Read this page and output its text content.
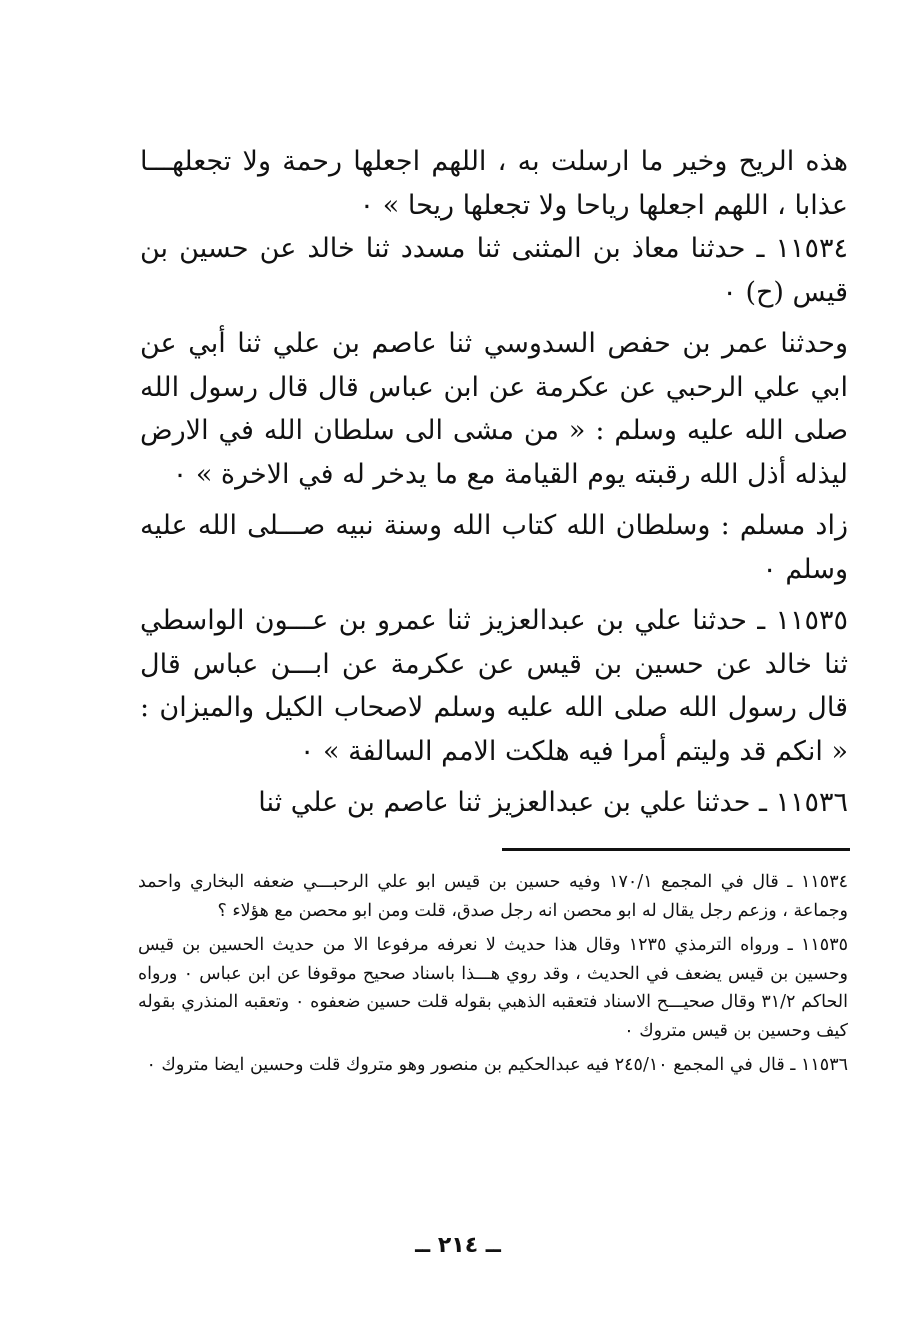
هذه الريح وخير ما ارسلت به ، اللهم اجعلها رحمة ولا تجعلهـــا عذابا ، اللهم اجعلها رياحا ولا تجعلها ريحا » ٠

١١٥٣٤ ـ حدثنا معاذ بن المثنى ثنا مسدد ثنا خالد عن حسين بن قيس (ح) ٠

وحدثنا عمر بن حفص السدوسي ثنا عاصم بن علي ثنا أبي عن ابي علي الرحبي عن عكرمة عن ابن عباس قال قال رسول الله صلى الله عليه وسلم : « من مشى الى سلطان الله في الارض ليذله أذل الله رقبته يوم القيامة مع ما يدخر له في الاخرة » ٠

زاد مسلم : وسلطان الله كتاب الله وسنة نبيه صـــلى الله عليه وسلم ٠

١١٥٣٥ ـ حدثنا علي بن عبدالعزيز ثنا عمرو بن عـــون الواسطي ثنا خالد عن حسين بن قيس عن عكرمة عن ابـــن عباس قال قال رسول الله صلى الله عليه وسلم لاصحاب الكيل والميزان : « انكم قد وليتم أمرا فيه هلكت الامم السالفة » ٠

١١٥٣٦ ـ حدثنا علي بن عبدالعزيز ثنا عاصم بن علي ثنا

١١٥٣٤ ـ قال في المجمع ١٧٠/١ وفيه حسين بن قيس ابو علي الرحبـــي ضعفه البخاري واحمد وجماعة ، وزعم رجل يقال له ابو محصن انه رجل صدق، قلت ومن ابو محصن مع هؤلاء ؟

١١٥٣٥ ـ ورواه الترمذي ١٢٣٥ وقال هذا حديث لا نعرفه مرفوعا الا من حديث الحسين بن قيس وحسين بن قيس يضعف في الحديث ، وقد روي هـــذا باسناد صحيح موقوفا عن ابن عباس ٠ ورواه الحاكم ٣١/٢ وقال صحيـــح الاسناد فتعقبه الذهبي بقوله قلت حسين ضعفوه ٠ وتعقبه المنذري بقوله كيف وحسين بن قيس متروك ٠

١١٥٣٦ ـ قال في المجمع ٢٤٥/١٠ فيه عبدالحكيم بن منصور وهو متروك قلت وحسين ايضا متروك ٠

ــ ٢١٤ ــ
